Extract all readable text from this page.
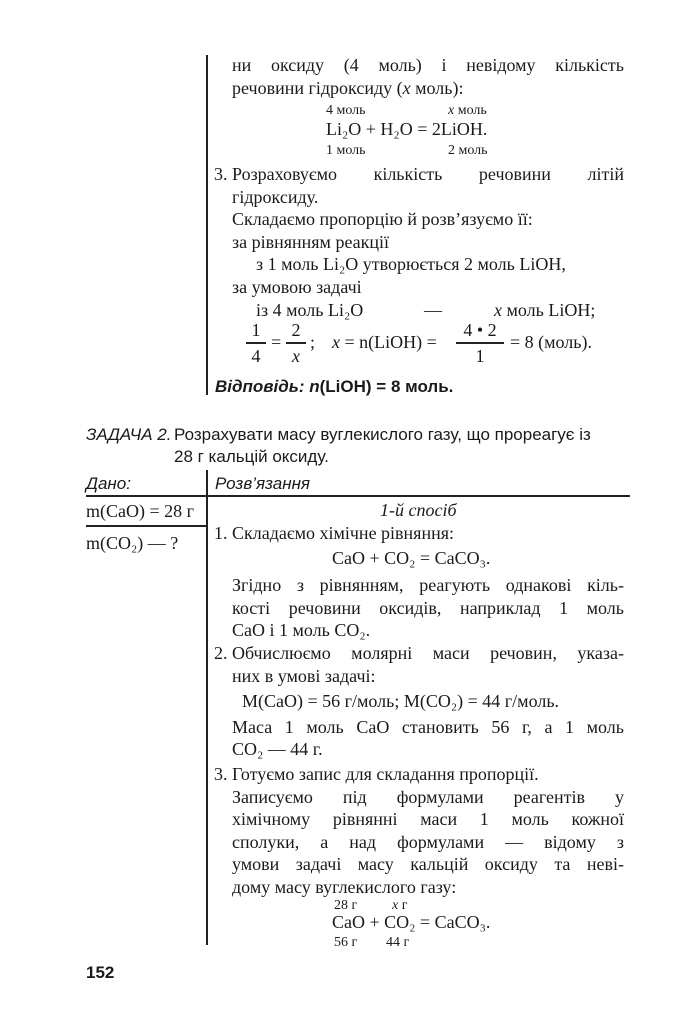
ни оксиду (4 моль) і невідому кількість
речовини гідроксиду (x моль):
4 моль	x моль
Li₂O + H₂O = 2LiOH.
1 моль	2 моль
3. Розраховуємо кількість речовини літій
гідроксиду.
Складаємо пропорцію й розв’язуємо її:
за рівнянням реакції
з 1 моль Li₂O утворюється 2 моль LiOH,
за умовою задачі
із 4 моль Li₂O	—	x моль LiOH;
1
4
=
2
x
; x = n(LiOH) =
4 • 2
1
= 8 (моль).
Відповідь: n(LiOH) = 8 моль.
ЗАДАЧА 2. Розрахувати масу вуглекислого газу, що прореагує із
28 г кальцій оксиду.
Дано:	Розв’язання
m(CaO) = 28 г
m(CO₂) — ?
1-й спосіб
1. Складаємо хімічне рівняння:
CaO + CO₂ = CaCO₃.
Згідно з рівнянням, реагують однакові кіль-
кості речовини оксидів, наприклад 1 моль
CaO і 1 моль CO₂.
2. Обчислюємо молярні маси речовин, указа-
них в умові задачі:
M(CaO) = 56 г/моль; M(CO₂) = 44 г/моль.
Маса 1 моль CaO становить 56 г, а 1 моль
CO₂ — 44 г.
3. Готуємо запис для складання пропорції.
Записуємо під формулами реагентів у
хімічному рівнянні маси 1 моль кожної
сполуки, а над формулами — відому з
умови задачі масу кальцій оксиду та неві-
дому масу вуглекислого газу:
28 г x г
CaO + CO₂ = CaCO₃.
56 г 44 г
152
